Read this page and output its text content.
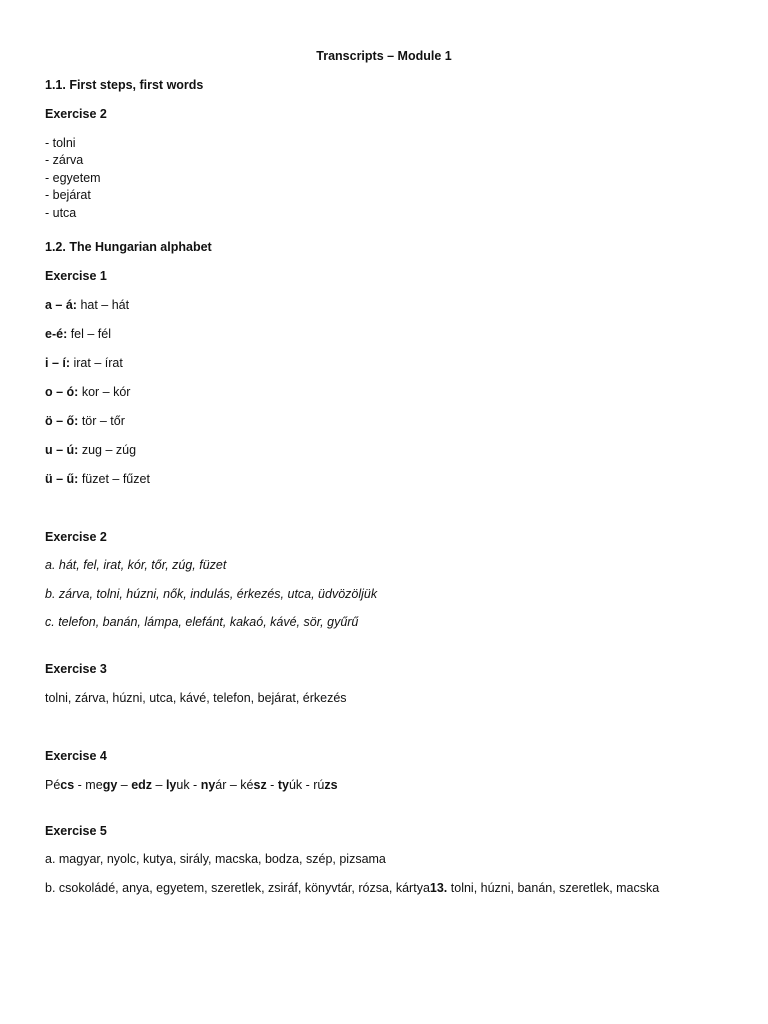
Transcripts – Module 1
1.1. First steps, first words
Exercise 2
- tolni
- zárva
- egyetem
- bejárat
- utca
1.2. The Hungarian alphabet
Exercise 1
a – á: hat – hát
e-é: fel – fél
i – í: irat – írat
o – ó: kor – kór
ö – ő: tör – tőr
u – ú: zug – zúg
ü – ű: füzet – fűzet
Exercise 2
a. hát, fel, irat, kór, tőr, zúg, füzet
b. zárva, tolni, húzni, nők, indulás, érkezés, utca, üdvözöljük
c. telefon, banán, lámpa, elefánt, kakaó, kávé, sör, gyűrű
Exercise 3
tolni, zárva, húzni, utca, kávé, telefon, bejárat, érkezés
Exercise 4
Pécs - megy – edz – lyuk - nyár – kész - tyúk - rúzs
Exercise 5
a. magyar, nyolc, kutya, sirály, macska, bodza, szép, pizsama
b. csokoládé, anya, egyetem, szeretlek, zsiráf, könyvtár, rózsa, kártya13. tolni, húzni, banán, szeretlek, macska
